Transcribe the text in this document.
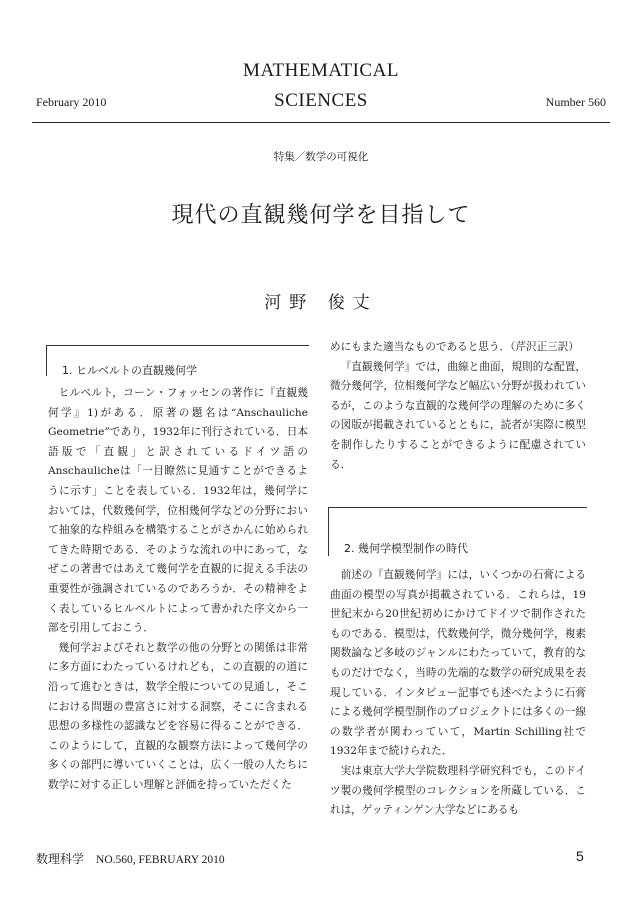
MATHEMATICAL
SCIENCES
February 2010	Number 560
特集／数学の可視化
現代の直観幾何学を目指して
河野 俊丈
1. ヒルベルトの直観幾何学

ヒルベルト，コーン・フォッセンの著作に『直観幾何学』1)がある．原著の題名は“Anschauliche Geometrie”であり，1932年に刊行されている．日本語版で「直観」と訳されているドイツ語のAnschaulicheは「一目瞭然に見通すことができるように示す」ことを表している．1932年は，幾何学においては，代数幾何学，位相幾何学などの分野において抽象的な枠組みを構築することがさかんに始められてきた時期である．そのような流れの中にあって，なぜこの著書ではあえて幾何学を直観的に捉える手法の重要性が強調されているのであろうか．その精神をよく表しているヒルベルトによって書かれた序文から一部を引用しておこう．

幾何学およびそれと数学の他の分野との関係は非常に多方面にわたっているけれども，この直観的の道に沿って進むときは，数学全般についての見通し，そこにおける問題の豊富さに対する洞察，そこに含まれる思想の多様性の認識などを容易に得ることができる．このようにして，直観的な観察方法によって幾何学の多くの部門に導いていくことは，広く一般の人たちに数学に対する正しい理解と評価を持っていただくた

めにもまた適当なものであると思う．（芹沢正三訳）

『直観幾何学』では，曲線と曲面，規則的な配置，微分幾何学，位相幾何学など幅広い分野が扱われているが，このような直観的な幾何学の理解のために多くの図版が掲載されているとともに，読者が実際に模型を制作したりすることができるように配慮されている．

2. 幾何学模型制作の時代

前述の『直観幾何学』には，いくつかの石膏による曲面の模型の写真が掲載されている．これらは，19世紀末から20世紀初めにかけてドイツで制作されたものである．模型は，代数幾何学，微分幾何学，複素関数論など多岐のジャンルにわたっていて，教育的なものだけでなく，当時の先端的な数学の研究成果を表現している．インタビュー記事でも述べたように石膏による幾何学模型制作のプロジェクトには多くの一線の数学者が関わっていて，Martin Schilling社で1932年まで続けられた．

実は東京大学大学院数理科学研究科でも，このドイツ製の幾何学模型のコレクションを所蔵している．これは，ゲッティンゲン大学などにあるも

数理科学 NO.560, FEBRUARY 2010	5
